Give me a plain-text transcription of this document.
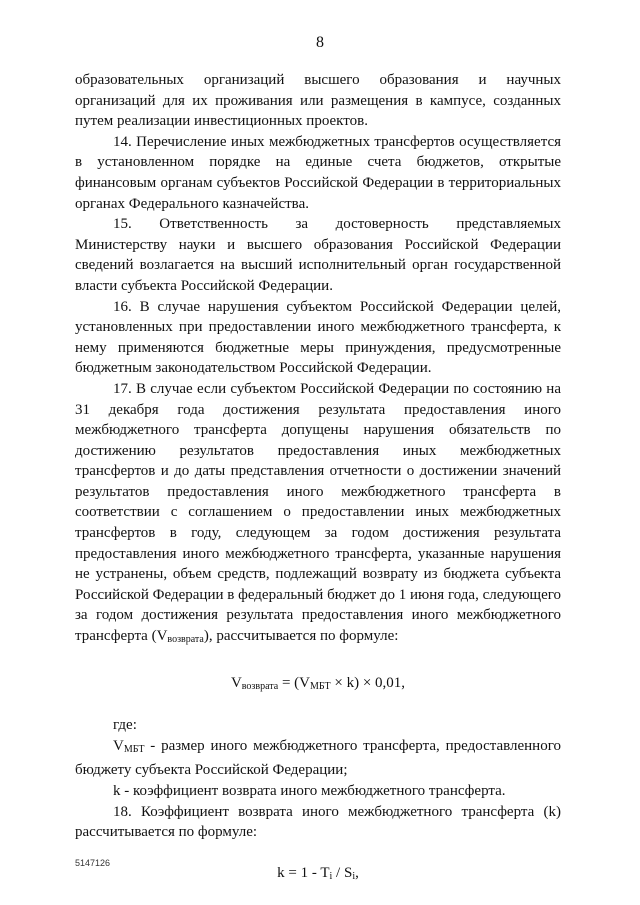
8

образовательных организаций высшего образования и научных организаций для их проживания или размещения в кампусе, созданных путем реализации инвестиционных проектов.

14. Перечисление иных межбюджетных трансфертов осуществляется в установленном порядке на единые счета бюджетов, открытые финансовым органам субъектов Российской Федерации в территориальных органах Федерального казначейства.

15. Ответственность за достоверность представляемых Министерству науки и высшего образования Российской Федерации сведений возлагается на высший исполнительный орган государственной власти субъекта Российской Федерации.

16. В случае нарушения субъектом Российской Федерации целей, установленных при предоставлении иного межбюджетного трансферта, к нему применяются бюджетные меры принуждения, предусмотренные бюджетным законодательством Российской Федерации.

17. В случае если субъектом Российской Федерации по состоянию на 31 декабря года достижения результата предоставления иного межбюджетного трансферта допущены нарушения обязательств по достижению результатов предоставления иных межбюджетных трансфертов и до даты представления отчетности о достижении значений результатов предоставления иного межбюджетного трансферта в соответствии с соглашением о предоставлении иных межбюджетных трансфертов в году, следующем за годом достижения результата предоставления иного межбюджетного трансферта, указанные нарушения не устранены, объем средств, подлежащий возврату из бюджета субъекта Российской Федерации в федеральный бюджет до 1 июня года, следующего за годом достижения результата предоставления иного межбюджетного трансферта $(V_{возврата})$, рассчитывается по формуле:

$V_{возврата} = (V_{МБТ} \times k) \times 0,01$,

где:

$V_{МБТ}$ - размер иного межбюджетного трансферта, предоставленного бюджету субъекта Российской Федерации;

k - коэффициент возврата иного межбюджетного трансферта.

18. Коэффициент возврата иного межбюджетного трансферта (k) рассчитывается по формуле:

$k = 1 - T_i / S_i$,

5147126
